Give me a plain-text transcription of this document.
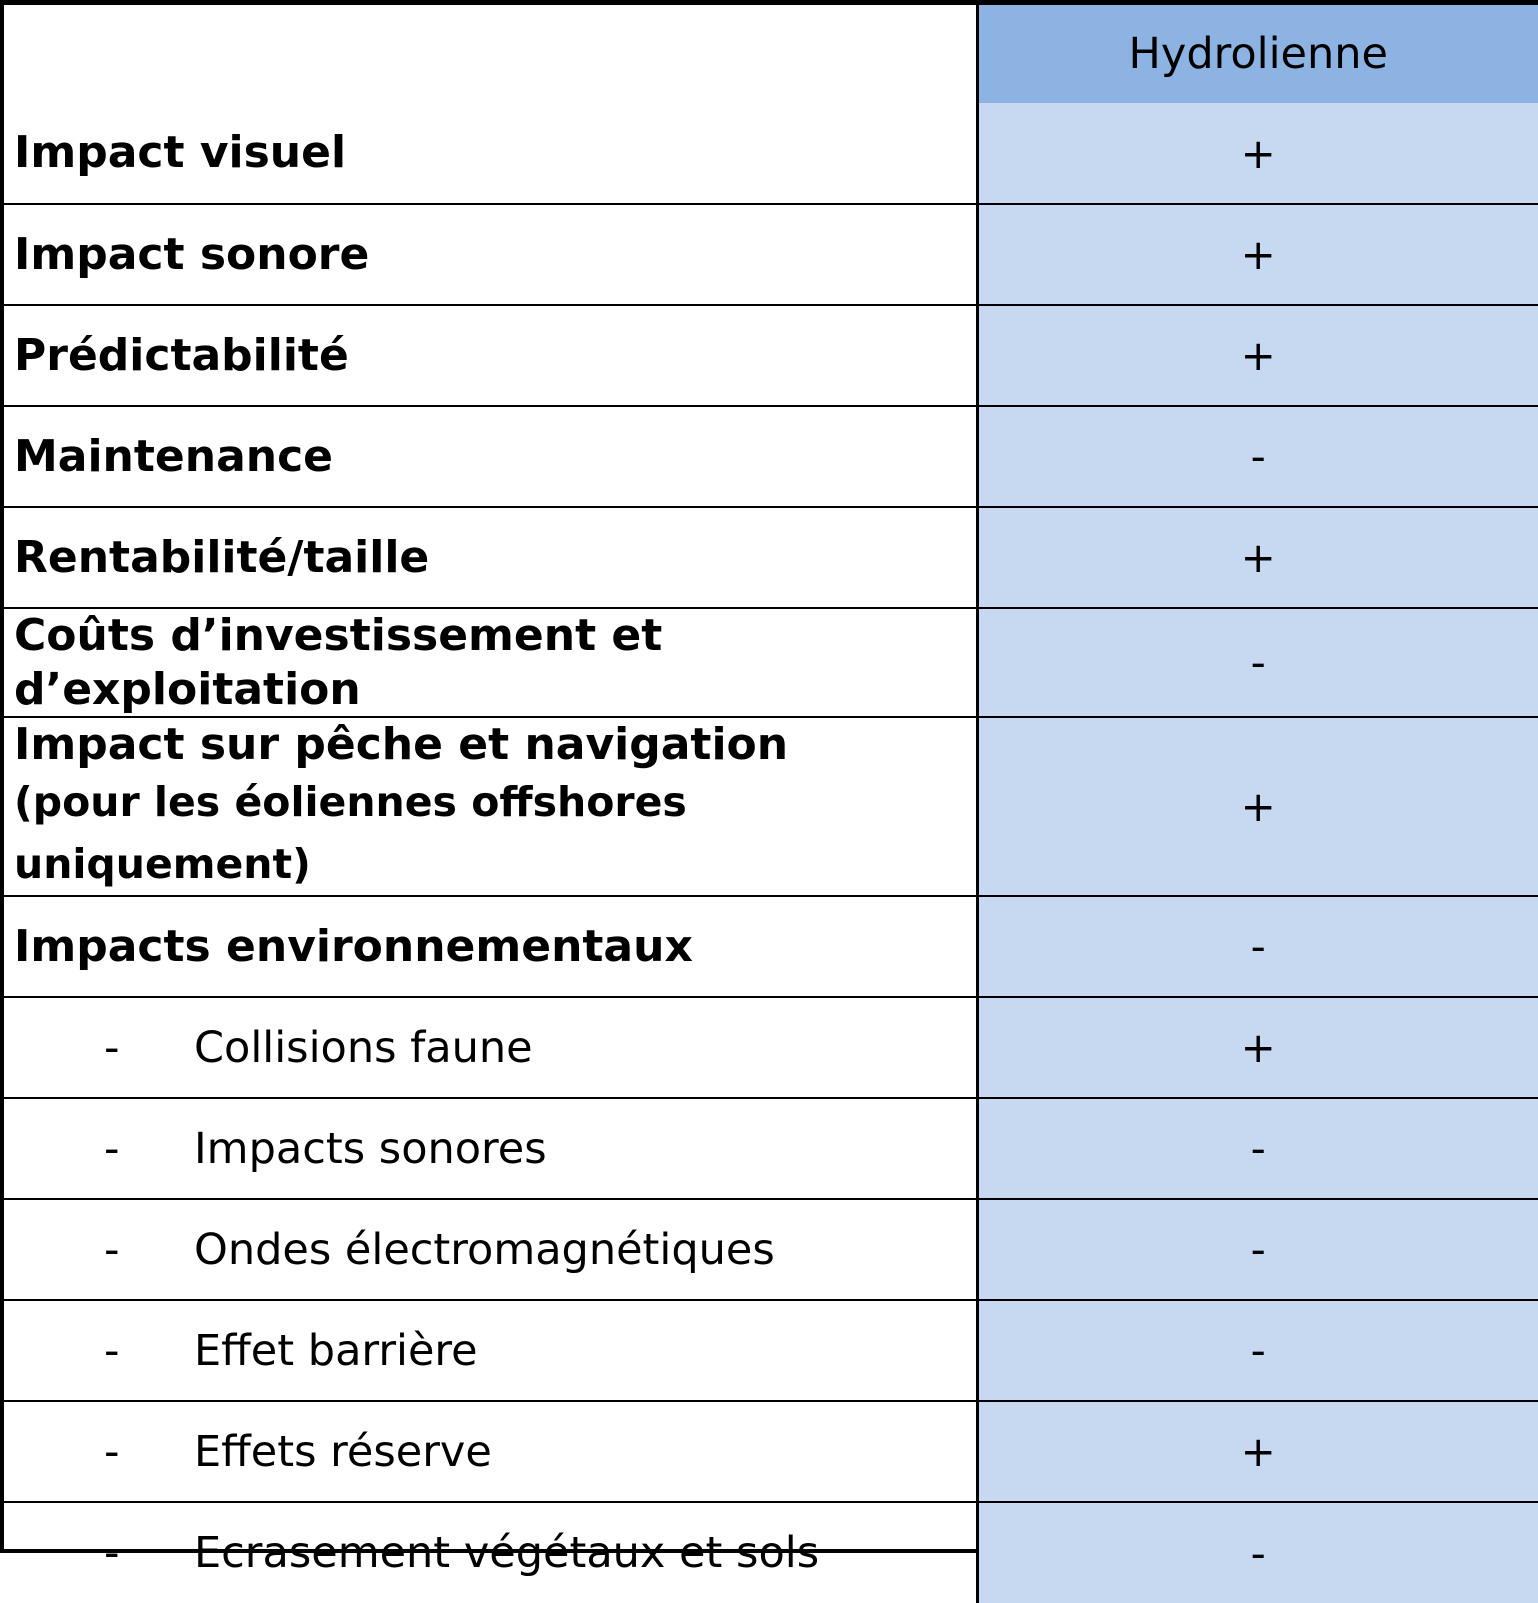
	Hydrolienne
Impact visuel	+
Impact sonore	+
Prédictabilité	+
Maintenance	-
Rentabilité/taille	+
Coûts d’investissement et d’exploitation	-
Impact sur pêche et navigation
(pour les éoliennes offshores uniquement)	+
Impacts environnementaux	-
- Collisions faune	+
- Impacts sonores	-
- Ondes électromagnétiques	-
- Effet barrière	-
- Effets réserve	+
- Ecrasement végétaux et sols	-
